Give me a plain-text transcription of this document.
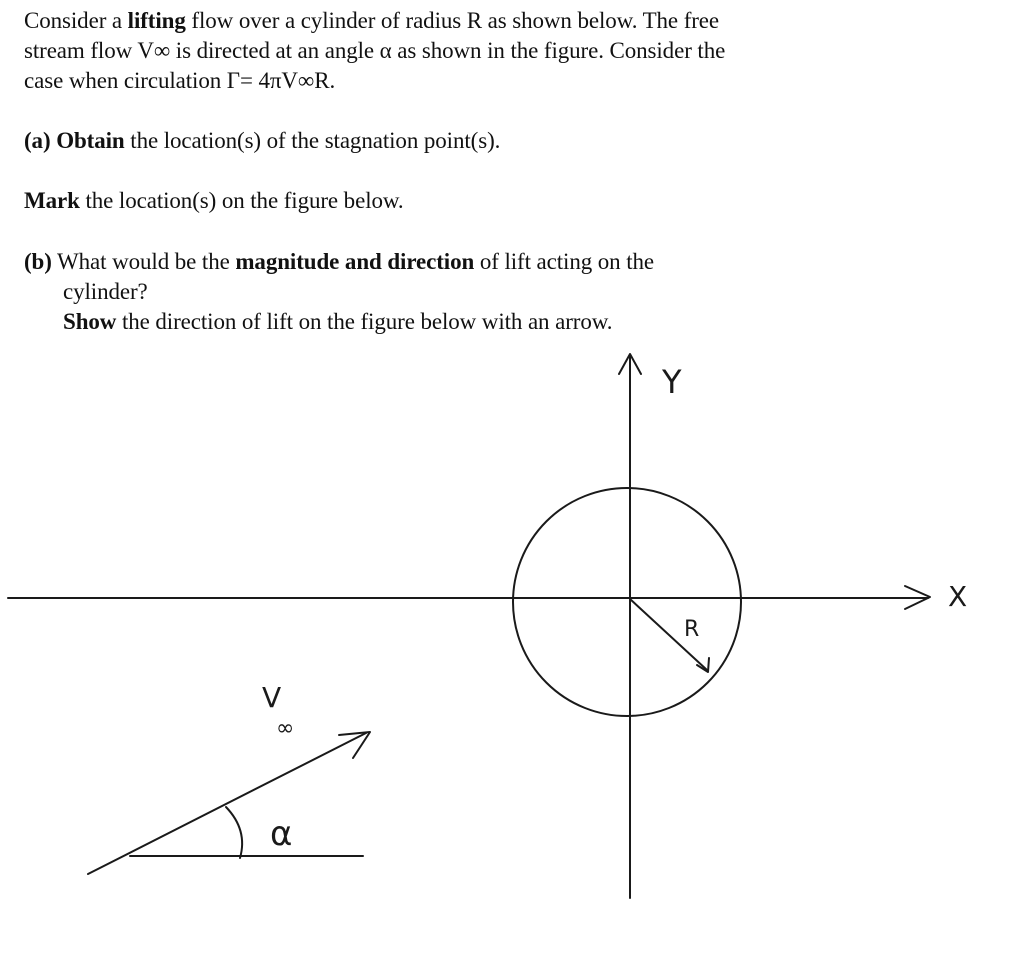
Consider a lifting flow over a cylinder of radius R as shown below. The free
stream flow V∞ is directed at an angle α as shown in the figure. Consider the
case when circulation Γ= 4πV∞R.
(a) Obtain the location(s) of the stagnation point(s).
Mark the location(s) on the figure below.
(b) What would be the magnitude and direction of lift acting on the
cylinder?
Show the direction of lift on the figure below with an arrow.
Y
X
R
V
∞
α
